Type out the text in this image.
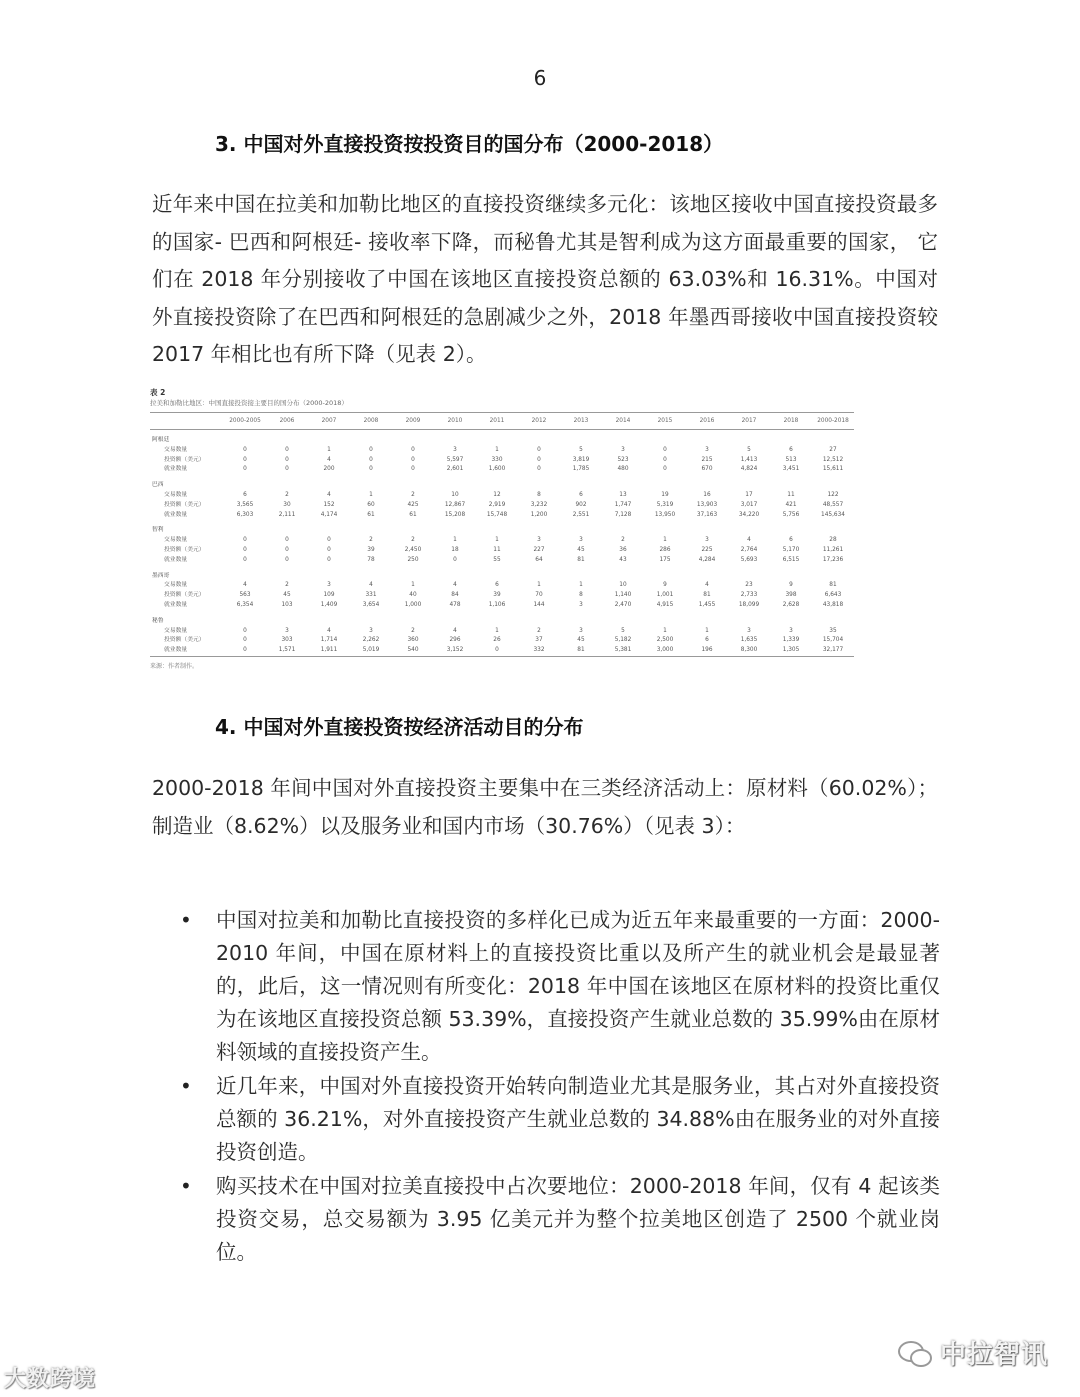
6
3. 中国对外直接投资按投资目的国分布（2000-2018）
近年来中国在拉美和加勒比地区的直接投资继续多元化：该地区接收中国直接投资最多的国家- 巴西和阿根廷- 接收率下降，而秘鲁尤其是智利成为这方面最重要的国家， 它们在 2018 年分别接收了中国在该地区直接投资总额的 63.03%和 16.31%。中国对外直接投资除了在巴西和阿根廷的急剧减少之外，2018 年墨西哥接收中国直接投资较 2017 年相比也有所下降（见表 2）。
表 2
拉美和加勒比地区：中国直接投资接主要目的国分布（2000-2018）
	2000-2005	2006	2007	2008	2009	2010	2011	2012	2013	2014	2015	2016	2017	2018	2000-2018
阿根廷															
交易数量	0	0	1	0	0	3	1	0	5	3	0	3	5	6	27
投资额（美元）	0	0	4	0	0	5,597	330	0	3,819	523	0	215	1,413	513	12,512
就业数量	0	0	200	0	0	2,601	1,600	0	1,785	480	0	670	4,824	3,451	15,611
巴西															
交易数量	6	2	4	1	2	10	12	8	6	13	19	16	17	11	122
投资额（美元）	3,565	30	152	60	425	12,867	2,919	3,232	902	1,747	5,319	13,903	3,017	421	48,557
就业数量	6,303	2,111	4,174	61	61	15,208	15,748	1,200	2,551	7,128	13,950	37,163	34,220	5,756	145,634
智利															
交易数量	0	0	0	2	2	1	1	3	3	2	1	3	4	6	28
投资额（美元）	0	0	0	39	2,450	18	11	227	45	36	286	225	2,764	5,170	11,261
就业数量	0	0	0	78	250	0	55	64	81	43	175	4,284	5,693	6,515	17,236
墨西哥															
交易数量	4	2	3	4	1	4	6	1	1	10	9	4	23	9	81
投资额（美元）	563	45	109	331	40	84	39	70	8	1,140	1,001	81	2,733	398	6,643
就业数量	6,354	103	1,409	3,654	1,000	478	1,106	144	3	2,470	4,915	1,455	18,099	2,628	43,818
秘鲁															
交易数量	0	3	4	3	2	4	1	2	3	5	1	1	3	3	35
投资额（美元）	0	303	1,714	2,262	360	296	26	37	45	5,182	2,500	6	1,635	1,339	15,704
就业数量	0	1,571	1,911	5,019	540	3,152	0	332	81	5,381	3,000	196	8,300	1,305	32,177
来源：作者制作。
4. 中国对外直接投资按经济活动目的分布
2000-2018 年间中国对外直接投资主要集中在三类经济活动上：原材料（60.02%）；制造业（8.62%）以及服务业和国内市场（30.76%）（见表 3）：
• 中国对拉美和加勒比直接投资的多样化已成为近五年来最重要的一方面：2000-2010 年间，中国在原材料上的直接投资比重以及所产生的就业机会是最显著的，此后，这一情况则有所变化：2018 年中国在该地区在原材料的投资比重仅为在该地区直接投资总额 53.39%，直接投资产生就业总数的 35.99%由在原材料领域的直接投资产生。
• 近几年来，中国对外直接投资开始转向制造业尤其是服务业，其占对外直接投资总额的 36.21%，对外直接投资产生就业总数的 34.88%由在服务业的对外直接投资创造。
• 购买技术在中国对拉美直接投中占次要地位：2000-2018 年间，仅有 4 起该类投资交易，总交易额为 3.95 亿美元并为整个拉美地区创造了 2500 个就业岗位。
大数跨境
中拉智讯
